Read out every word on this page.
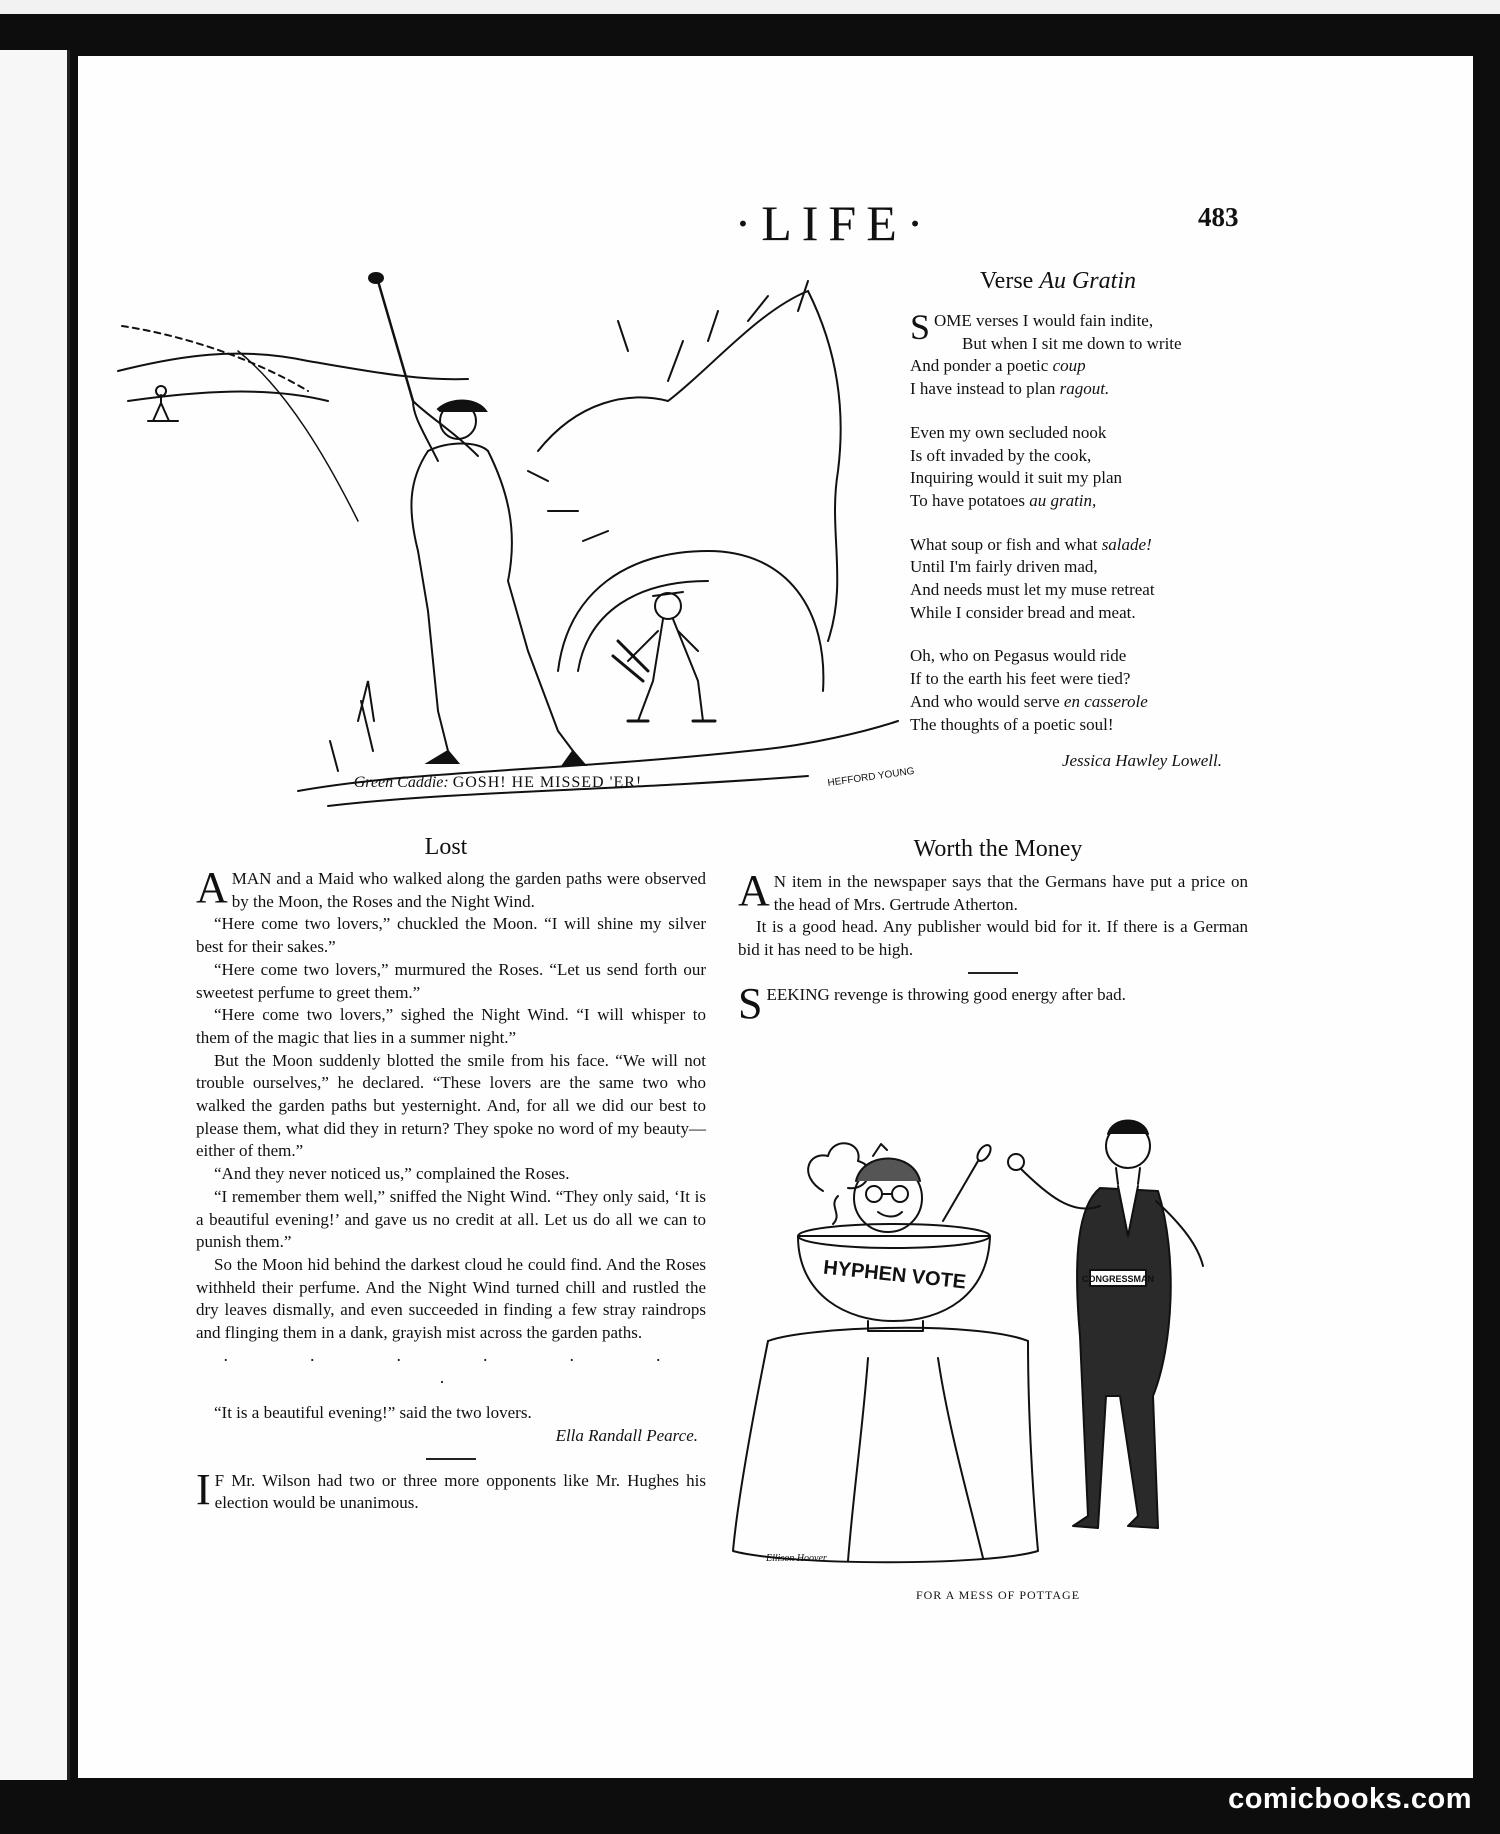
·LIFE·	483
HEFFORD YOUNG
Green Caddie: GOSH! HE MISSED 'ER!
Verse Au Gratin
SOME verses I would fain indite,
But when I sit me down to write
And ponder a poetic coup
I have instead to plan ragout.
Even my own secluded nook
Is oft invaded by the cook,
Inquiring would it suit my plan
To have potatoes au gratin,
What soup or fish and what salade!
Until I'm fairly driven mad,
And needs must let my muse retreat
While I consider bread and meat.
Oh, who on Pegasus would ride
If to the earth his feet were tied?
And who would serve en casserole
The thoughts of a poetic soul!
Jessica Hawley Lowell.
Lost

A MAN and a Maid who walked along the garden paths were observed by the Moon, the Roses and the Night Wind.

“Here come two lovers,” chuckled the Moon. “I will shine my silver best for their sakes.”

“Here come two lovers,” murmured the Roses. “Let us send forth our sweetest perfume to greet them.”

“Here come two lovers,” sighed the Night Wind. “I will whisper to them of the magic that lies in a summer night.”

But the Moon suddenly blotted the smile from his face. “We will not trouble ourselves,” he declared. “These lovers are the same two who walked the garden paths but yesternight. And, for all we did our best to please them, what did they in return? They spoke no word of my beauty—either of them.”

“And they never noticed us,” complained the Roses.

“I remember them well,” sniffed the Night Wind. “They only said, ‘It is a beautiful evening!’ and gave us no credit at all. Let us do all we can to punish them.”

So the Moon hid behind the darkest cloud he could find. And the Roses withheld their perfume. And the Night Wind turned chill and rustled the dry leaves dismally, and even succeeded in finding a few stray raindrops and flinging them in a dank, grayish mist across the garden paths.

· · · · · · ·

“It is a beautiful evening!” said the two lovers.

Ella Randall Pearce.

I F Mr. Wilson had two or three more opponents like Mr. Hughes his election would be unanimous.

Worth the Money

A N item in the newspaper says that the Germans have put a price on the head of Mrs. Gertrude Atherton.

It is a good head. Any publisher would bid for it. If there is a German bid it has need to be high.

SEEKING revenge is throwing good energy after bad.

HYPHEN VOTE	CONGRESSMAN
Ellison Hoover
FOR A MESS OF POTTAGE
comicbooks.com
